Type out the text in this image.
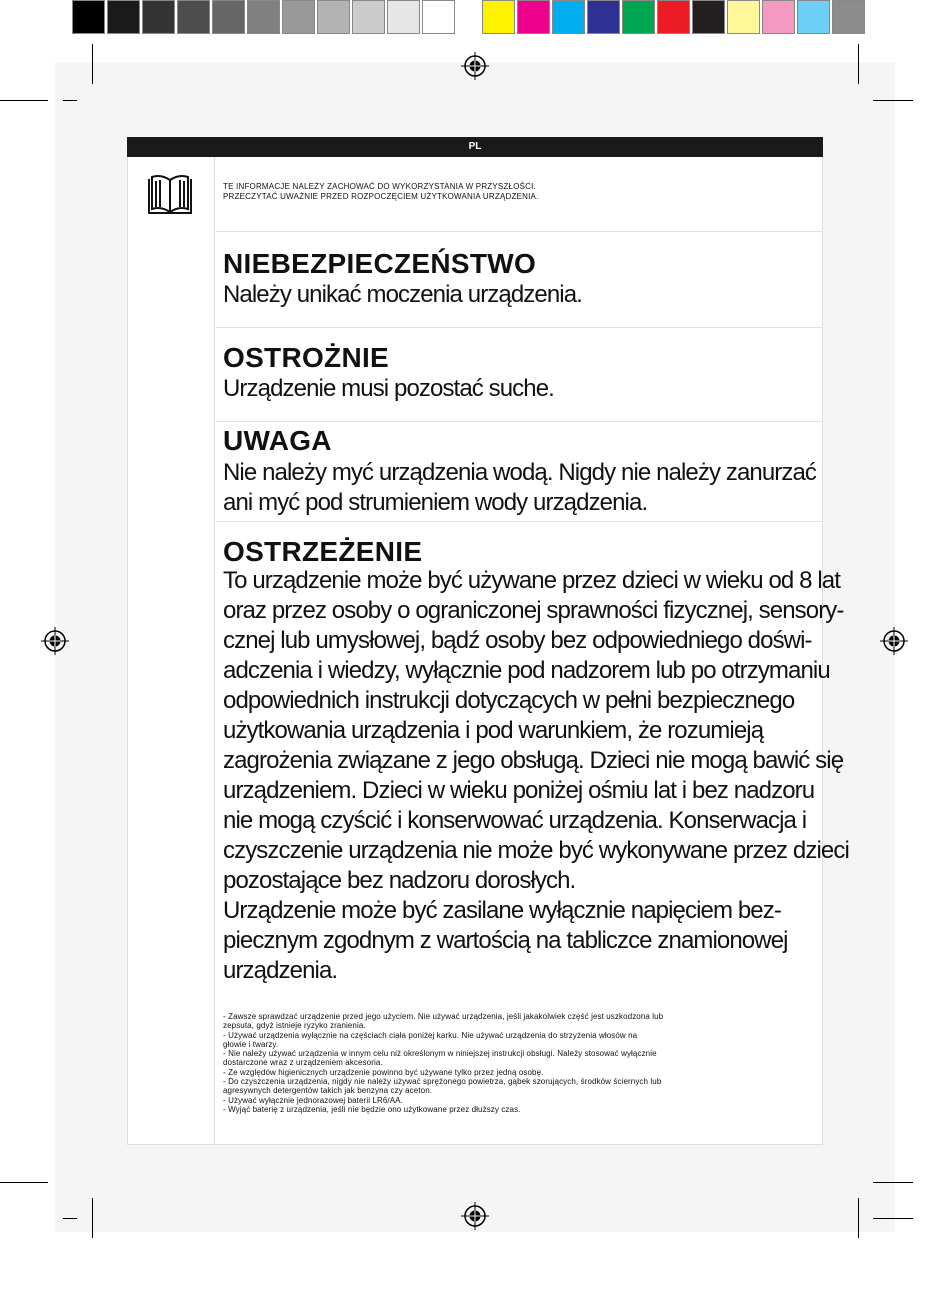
PL

TE INFORMACJE NALEŻY ZACHOWAĆ DO WYKORZYSTANIA W PRZYSZŁOŚCI.
PRZECZYTAĆ UWAŻNIE PRZED ROZPOCZĘCIEM UŻYTKOWANIA URZĄDZENIA.

NIEBEZPIECZEŃSTWO

Należy unikać moczenia urządzenia.

OSTROŻNIE

Urządzenie musi pozostać suche.

UWAGA

Nie należy myć urządzenia wodą. Nigdy nie należy zanurzać
ani myć pod strumieniem wody urządzenia.

OSTRZEŻENIE
To urządzenie może być używane przez dzieci w wieku od 8 lat
oraz przez osoby o ograniczonej sprawności fizycznej, sensory-
cznej lub umysłowej, bądź osoby bez odpowiedniego doświ-
adczenia i wiedzy, wyłącznie pod nadzorem lub po otrzymaniu
odpowiednich instrukcji dotyczących w pełni bezpiecznego
użytkowania urządzenia i pod warunkiem, że rozumieją
zagrożenia związane z jego obsługą. Dzieci nie mogą bawić się
urządzeniem. Dzieci w wieku poniżej ośmiu lat i bez nadzoru
nie mogą czyścić i konserwować urządzenia. Konserwacja i
czyszczenie urządzenia nie może być wykonywane przez dzieci
pozostające bez nadzoru dorosłych.
Urządzenie może być zasilane wyłącznie napięciem bez-
piecznym zgodnym z wartością na tabliczce znamionowej
urządzenia.
- Zawsze sprawdzać urządzenie przed jego użyciem. Nie używać urządzenia, jeśli jakakolwiek część jest uszkodzona lub
zepsuta, gdyż istnieje ryzyko zranienia.
- Używać urządzenia wyłącznie na częściach ciała poniżej karku. Nie używać urządzenia do strzyżenia włosów na
głowie i twarzy.
- Nie należy używać urządzenia w innym celu niż określonym w niniejszej instrukcji obsługi. Należy stosować wyłącznie
dostarczone wraz z urządzeniem akcesoria.
- Ze względów higienicznych urządzenie powinno być używane tylko przez jedną osobę.
- Do czyszczenia urządzenia, nigdy nie należy używać sprężonego powietrza, gąbek szorujących, środków ściernych lub
agresywnych detergentów takich jak benzyna czy aceton.
- Używać wyłącznie jednorazowej baterii LR6/AA.
- Wyjąć baterię z urządzenia, jeśli nie będzie ono użytkowane przez dłuższy czas.
